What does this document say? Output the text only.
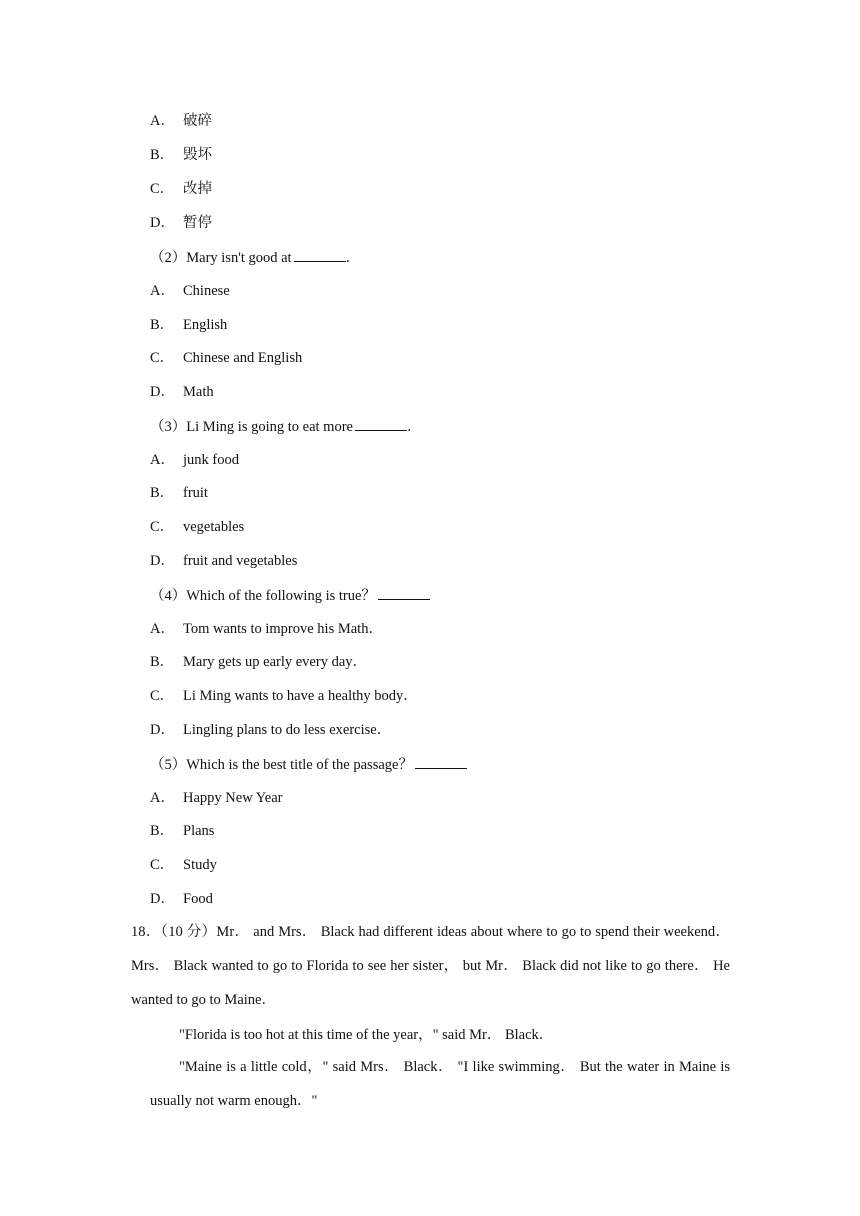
A． 破碎
B． 毁坏
C． 改掉
D． 暂停
（2）Mary isn't good at	．
A． Chinese
B． English
C． Chinese and English
D． Math
（3）Li Ming is going to eat more	．
A． junk food
B． fruit
C． vegetables
D． fruit and vegetables
（4）Which of the following is true？
A． Tom wants to improve his Math．
B． Mary gets up early every day．
C． Li Ming wants to have a healthy body．
D． Lingling plans to do less exercise．
（5）Which is the best title of the passage？
A． Happy New Year
B． Plans
C． Study
D． Food
18．（10 分）Mr． and Mrs． Black had different ideas about where to go to spend their weekend． Mrs． Black wanted to go to Florida to see her sister， but Mr． Black did not like to go there． He wanted to go to Maine．
"Florida is too hot at this time of the year，" said Mr． Black．
"Maine is a little cold，" said Mrs． Black． "I like swimming． But the water in Maine is usually not warm enough．"
